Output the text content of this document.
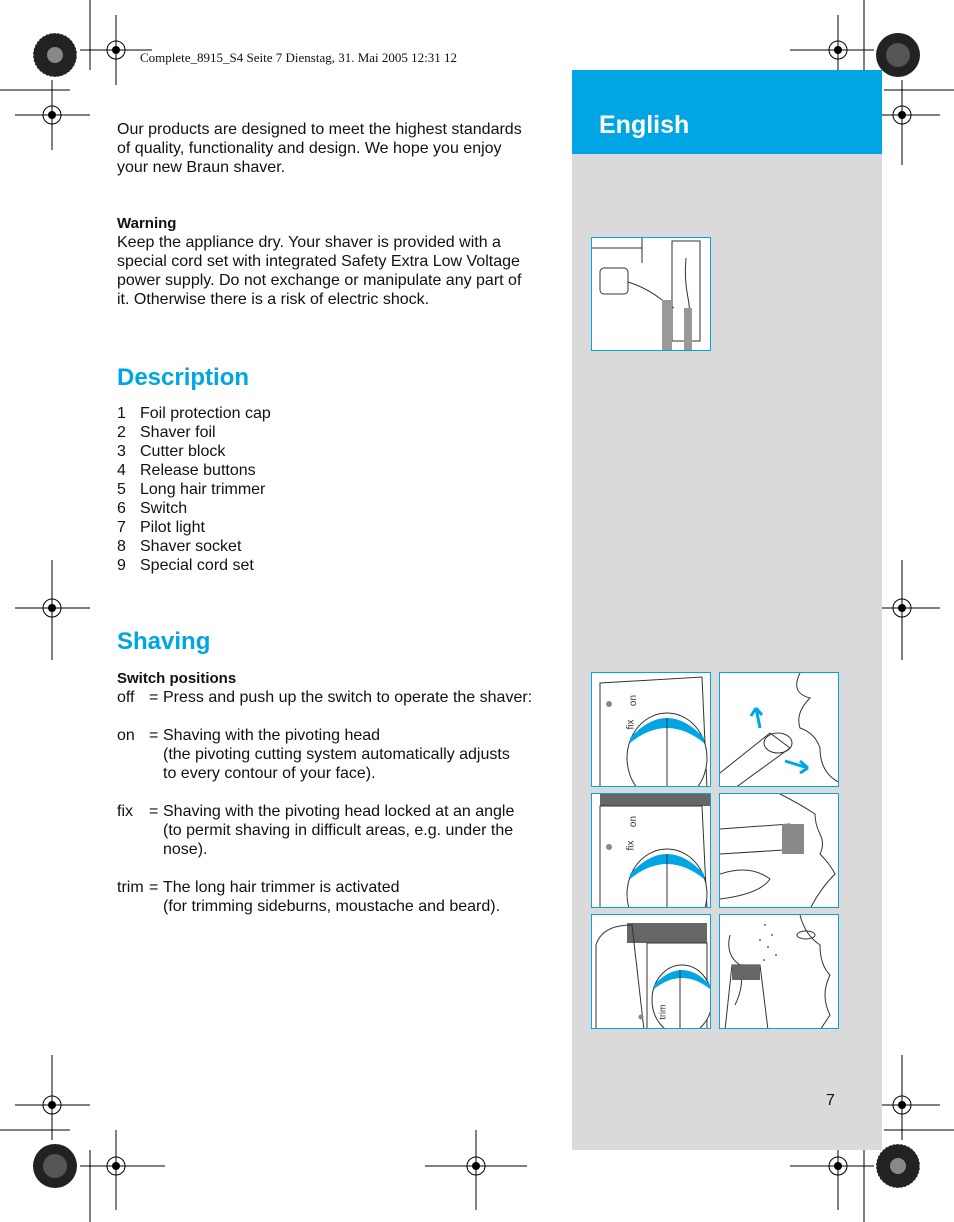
Complete_8915_S4 Seite 7 Dienstag, 31. Mai 2005 12:31 12
English
Our products are designed to meet the highest standards
of quality, functionality and design. We hope you enjoy
your new Braun shaver.
Warning
Keep the appliance dry. Your shaver is provided with a
special cord set with integrated Safety Extra Low Voltage
power supply. Do not exchange or manipulate any part of
it. Otherwise there is a risk of electric shock.
Description
1 Foil protection cap
2 Shaver foil
3 Cutter block
4 Release buttons
5 Long hair trimmer
6 Switch
7 Pilot light
8 Shaver socket
9 Special cord set
Shaving
Switch positions
off = Press and push up the switch to operate the shaver:
on = Shaving with the pivoting head
(the pivoting cutting system automatically adjusts
to every contour of your face).
fix	= Shaving with the pivoting head locked at an angle
(to permit shaving in difficult areas, e.g. under the
nose).
trim = The long hair trimmer is activated
(for trimming sideburns, moustache and beard).
fix
on
fix
on
trim
7
